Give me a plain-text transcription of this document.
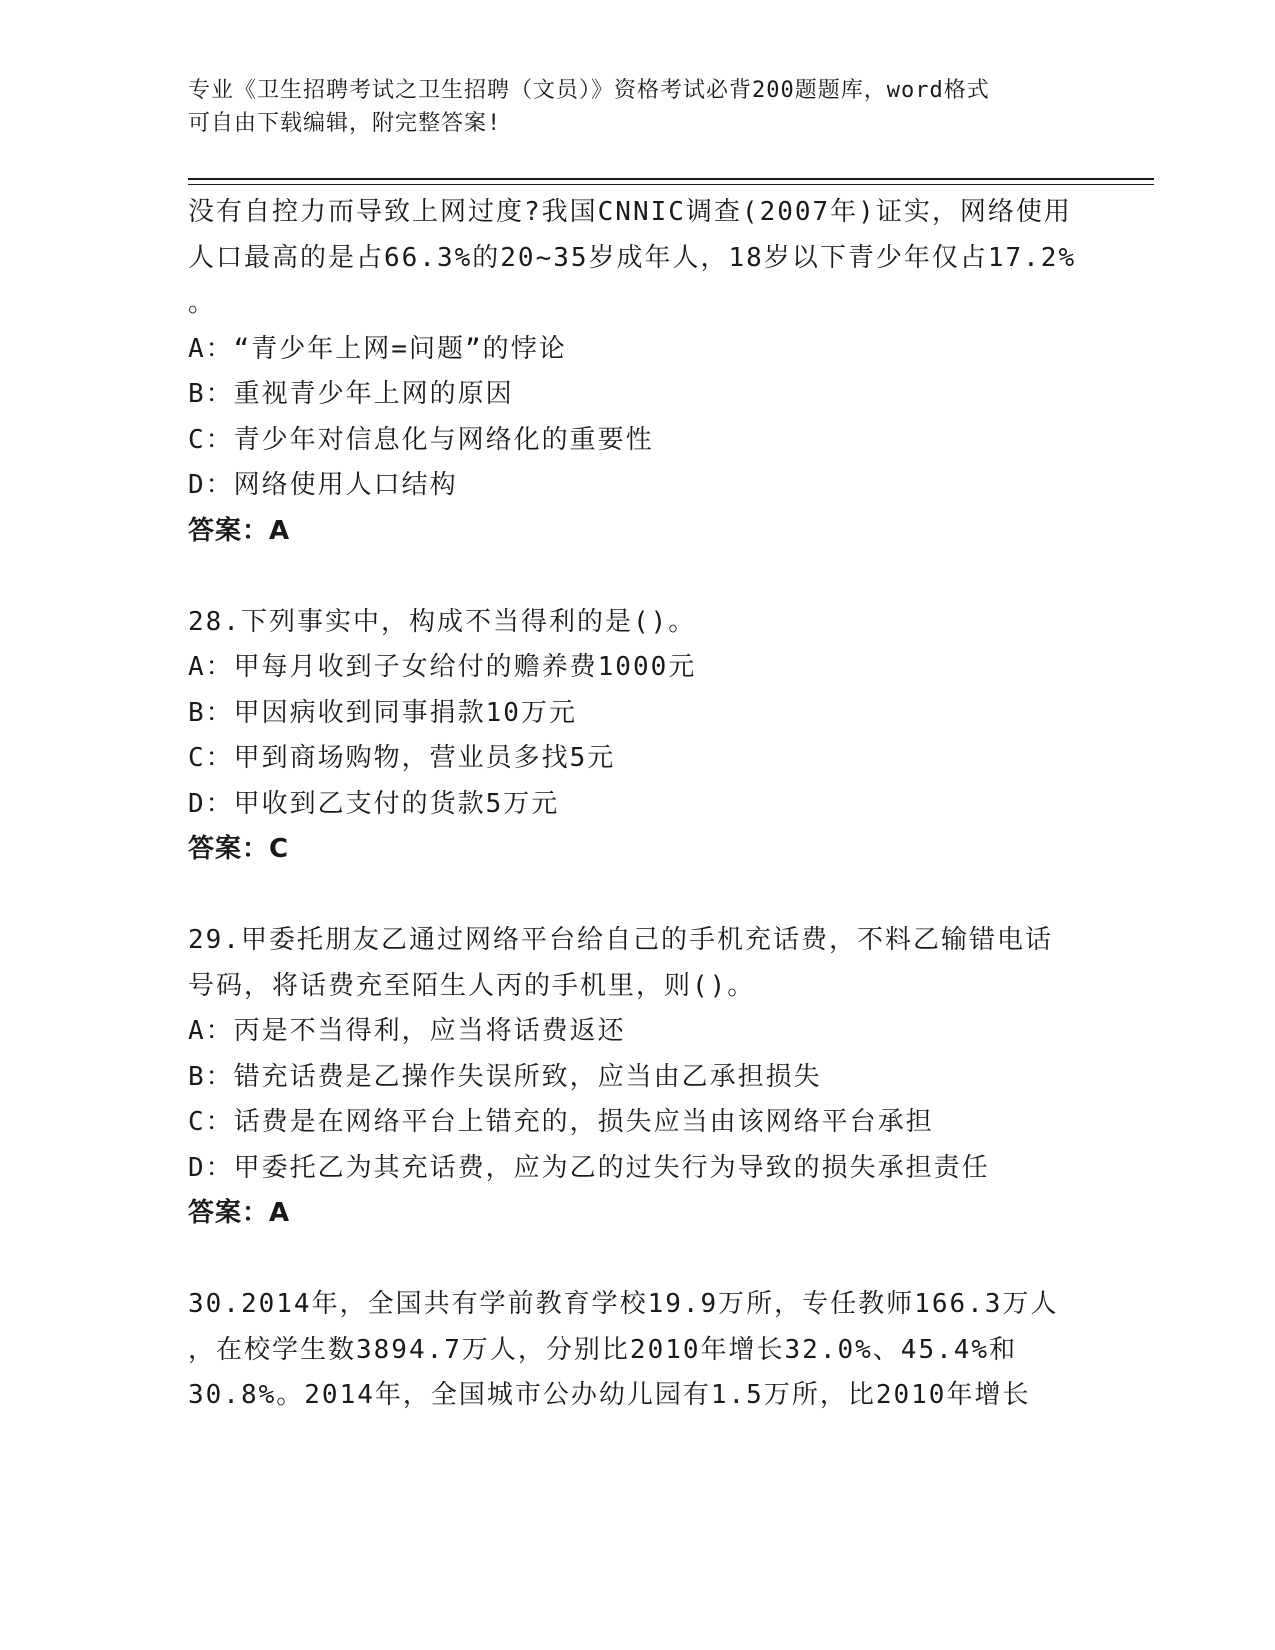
专业《卫生招聘考试之卫生招聘（文员）》资格考试必背200题题库，word格式
可自由下载编辑，附完整答案!
没有自控力而导致上网过度?我国CNNIC调查(2007年)证实，网络使用
人口最高的是占66.3%的20~35岁成年人，18岁以下青少年仅占17.2%
。
A：“青少年上网=问题”的悖论
B：重视青少年上网的原因
C：青少年对信息化与网络化的重要性
D：网络使用人口结构
答案：A
28.下列事实中，构成不当得利的是()。
A：甲每月收到子女给付的赡养费1000元
B：甲因病收到同事捐款10万元
C：甲到商场购物，营业员多找5元
D：甲收到乙支付的货款5万元
答案：C
29.甲委托朋友乙通过网络平台给自己的手机充话费，不料乙输错电话
号码，将话费充至陌生人丙的手机里，则()。
A：丙是不当得利，应当将话费返还
B：错充话费是乙操作失误所致，应当由乙承担损失
C：话费是在网络平台上错充的，损失应当由该网络平台承担
D：甲委托乙为其充话费，应为乙的过失行为导致的损失承担责任
答案：A
30.2014年，全国共有学前教育学校19.9万所，专任教师166.3万人
，在校学生数3894.7万人，分别比2010年增长32.0%、45.4%和
30.8%。2014年，全国城市公办幼儿园有1.5万所，比2010年增长
